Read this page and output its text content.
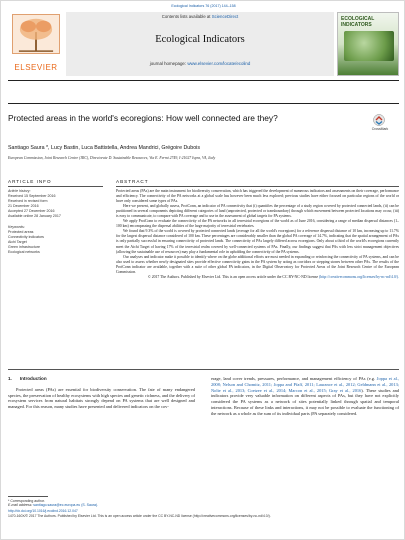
Ecological Indicators 76 (2017) 144–158
ELSEVIER
Contents lists available at ScienceDirect
Ecological Indicators
journal homepage: www.elsevier.com/locate/ecolind
ECOLOGICAL INDICATORS
Protected areas in the world's ecoregions: How well connected are they?
CrossMark
Santiago Saura *, Lucy Bastin, Luca Battistella, Andrea Mandrici, Grégoire Dubois
European Commission, Joint Research Centre (JRC), Directorate D. Sustainable Resources, Via E. Fermi 2749, I-21027 Ispra, VA, Italy
ARTICLE INFO	ABSTRACT
Article history:
Received 15 September 2016
Received in revised form
21 December 2016
Accepted 27 December 2016
Available online 28 January 2017
Keywords:
Protected areas
Connectivity indicators
Aichi Target
Green infrastructure
Ecological networks

Protected areas (PAs) are the main instrument for biodiversity conservation, which has triggered the development of numerous indicators and assessments on their coverage, performance and efficiency. The connectivity of the PA networks at a global scale has however been much less explored; previous studies have either focused on particular regions of the world or have only considered some types of PAs.

Here we present, and globally assess, ProtConn, an indicator of PA connectivity that (i) quantifies the percentage of a study region covered by protected connected lands, (ii) can be partitioned in several components depicting different categories of land (unprotected, protected or transboundary) through which movement between protected locations may occur, (iii) is easy to communicate, to compare with PA coverage and to use in the assessment of global targets for PA systems.

We apply ProtConn to evaluate the connectivity of the PA networks in all terrestrial ecoregions of the world as of June 2016, considering a range of median dispersal distances (1–100 km) encompassing the dispersal abilities of the large majority of terrestrial vertebrates.

We found that 9.3% of the world is covered by protected connected lands (average for all the world's ecoregions) for a reference dispersal distance of 10 km, increasing up to 11.7% for the largest dispersal distance considered of 100 km. These percentages are considerably smaller than the global PA coverage of 14.7%, indicating that the spatial arrangement of PAs is only partially successful in ensuring connectivity of protected lands. The connectivity of PAs largely differed across ecoregions. Only about a third of the world's ecoregions currently meet the Aichi Target of having 17% of the terrestrial realm covered by well-connected systems of PAs. Finally, our findings suggest that PAs with less strict management objectives (allowing the sustainable use of resources) may play a fundamental role in upholding the connectivity of the PA systems.

Our analyses and indicator make it possible to identify where on the globe additional efforts are most needed in expanding or reinforcing the connectivity of PA systems, and can be also used to assess whether newly designated sites provide effective connectivity gains in the PA system by acting as corridors or stepping stones between other PAs. The results of the ProtConn indicator are available, together with a suite of other global PA indicators, in the Digital Observatory for Protected Areas of the Joint Research Centre of the European Commission.

© 2017 The Authors. Published by Elsevier Ltd. This is an open access article under the CC BY-NC-ND license (http://creativecommons.org/licenses/by-nc-nd/4.0/).

1. Introduction

Protected areas (PAs) are essential for biodiversity conservation. The fate of many endangered species, the preservation of healthy ecosystems with high species and genetic richness, and the delivery of ecosystem services from natural habitats strongly depend on PA systems that are well designed and managed. For this reason, many studies have presented and delivered indicators on the cov-

erage, land cover trends, pressures, performance, and management efficiency of PAs (e.g. Joppa et al., 2008; Nelson and Chomitz, 2011; Joppa and Pfaff, 2011; Laurance et al., 2012; Geldmann et al., 2013; Nolte et al., 2013; Coetzee et al., 2014; Marcon et al., 2015; Gray et al., 2016). These studies and indicators provide very valuable information on different aspects of PAs, but they have not explicitly considered the PA systems as a network of sites potentially linked through spatial and temporal interactions. Because of these links and interactions, it may not be possible to evaluate the functioning of the network as a whole as the sum of its individual parts (PA separately considered.

* Corresponding author.
E-mail address: santiago.saura@ec.europa.eu (S. Saura).
http://dx.doi.org/10.1016/j.ecolind.2016.12.047
1470-160X/© 2017 The Authors. Published by Elsevier Ltd. This is an open access article under the CC BY-NC-ND license (http://creativecommons.org/licenses/by-nc-nd/4.0/).
